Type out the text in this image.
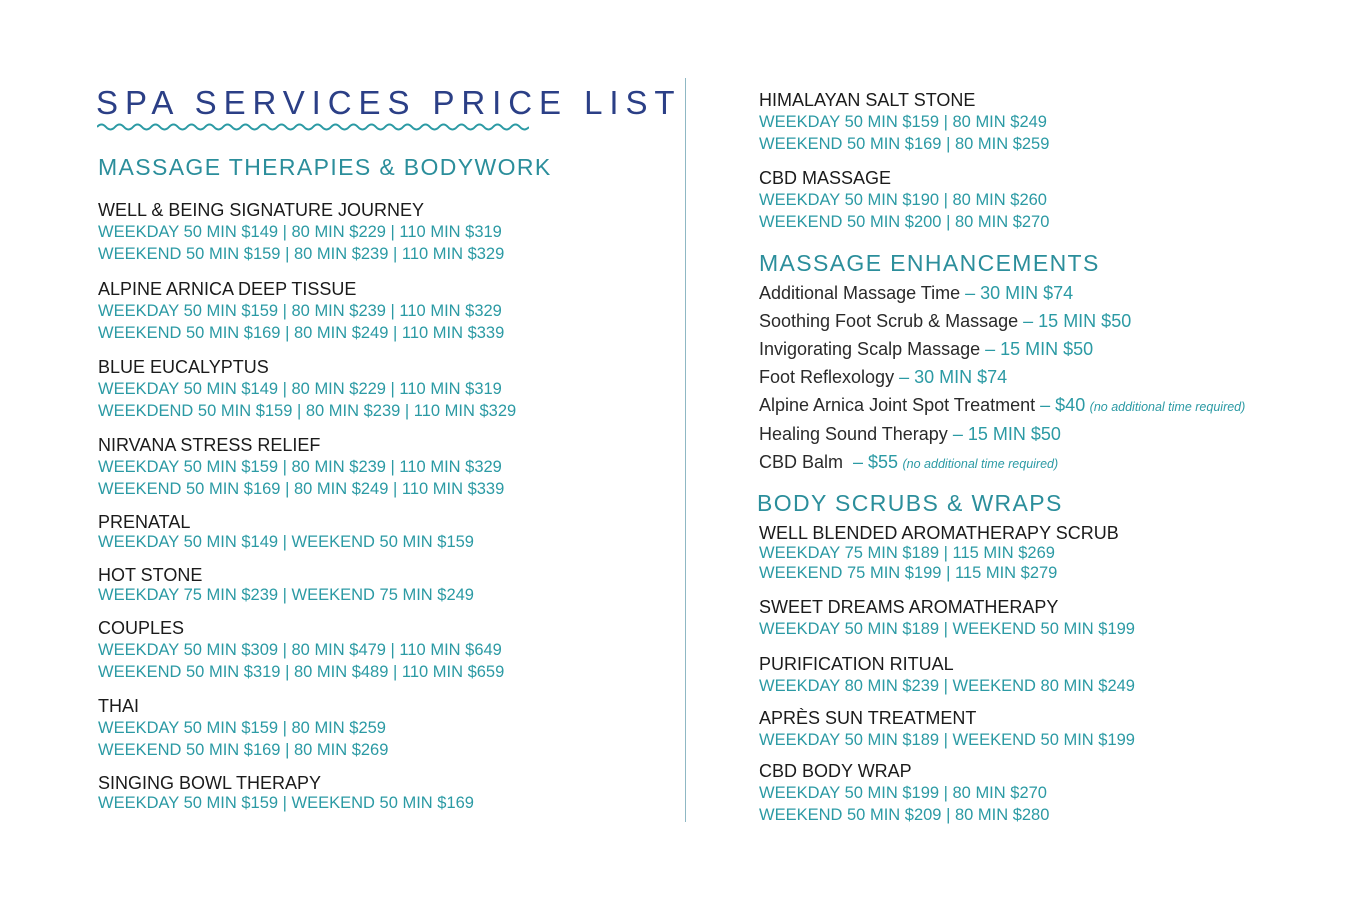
SPA SERVICES PRICE LIST
MASSAGE THERAPIES & BODYWORK
WELL & BEING SIGNATURE JOURNEY
WEEKDAY 50 MIN $149 | 80 MIN $229 | 110 MIN $319
WEEKEND 50 MIN $159 | 80 MIN $239 | 110 MIN $329
ALPINE ARNICA DEEP TISSUE
WEEKDAY 50 MIN $159 | 80 MIN $239 | 110 MIN $329
WEEKEND 50 MIN $169 | 80 MIN $249 | 110 MIN $339
BLUE EUCALYPTUS
WEEKDAY 50 MIN $149 | 80 MIN $229 | 110 MIN $319
WEEKDEND 50 MIN $159 | 80 MIN $239 | 110 MIN $329
NIRVANA STRESS RELIEF
WEEKDAY 50 MIN $159 | 80 MIN $239 | 110 MIN $329
WEEKEND 50 MIN $169 | 80 MIN $249 | 110 MIN $339
PRENATAL
WEEKDAY 50 MIN $149 | WEEKEND 50 MIN $159
HOT STONE
WEEKDAY 75 MIN $239 | WEEKEND 75 MIN $249
COUPLES
WEEKDAY 50 MIN $309 | 80 MIN $479 | 110 MIN $649
WEEKEND 50 MIN $319 | 80 MIN $489 | 110 MIN $659
THAI
WEEKDAY 50 MIN $159 | 80 MIN $259
WEEKEND 50 MIN $169 | 80 MIN $269
SINGING BOWL THERAPY
WEEKDAY 50 MIN $159 | WEEKEND 50 MIN $169
HIMALAYAN SALT STONE
WEEKDAY 50 MIN $159 | 80 MIN $249
WEEKEND 50 MIN $169 | 80 MIN $259
CBD MASSAGE
WEEKDAY 50 MIN $190 | 80 MIN $260
WEEKEND 50 MIN $200 | 80 MIN $270
MASSAGE ENHANCEMENTS
Additional Massage Time – 30 MIN $74
Soothing Foot Scrub & Massage – 15 MIN $50
Invigorating Scalp Massage – 15 MIN $50
Foot Reflexology – 30 MIN $74
Alpine Arnica Joint Spot Treatment – $40 (no additional time required)
Healing Sound Therapy – 15 MIN $50
CBD Balm  – $55 (no additional time required)
BODY SCRUBS & WRAPS
WELL BLENDED AROMATHERAPY SCRUB
WEEKDAY 75 MIN $189 | 115 MIN $269
WEEKEND 75 MIN $199 | 115 MIN $279
SWEET DREAMS AROMATHERAPY
WEEKDAY 50 MIN $189 | WEEKEND 50 MIN $199
PURIFICATION RITUAL
WEEKDAY 80 MIN $239 | WEEKEND 80 MIN $249
APRÈS SUN TREATMENT
WEEKDAY 50 MIN $189 | WEEKEND 50 MIN $199
CBD BODY WRAP
WEEKDAY 50 MIN $199 | 80 MIN $270
WEEKEND 50 MIN $209 | 80 MIN $280
